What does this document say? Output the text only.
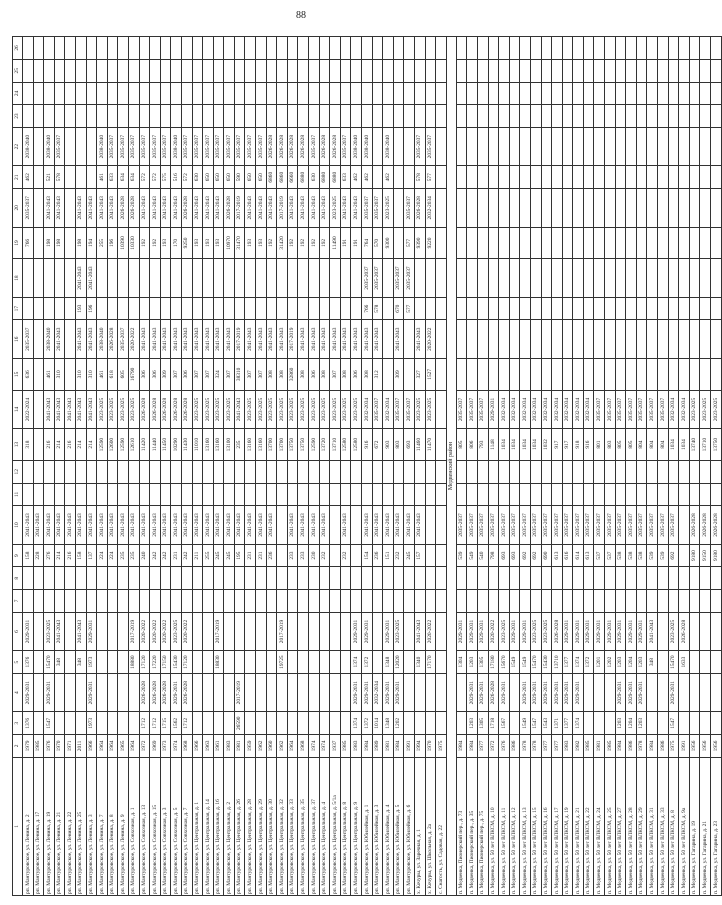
88
1	2	3	4	5	6	7	8	9	10	11	12	13	14	15	16	17	18	19	20	21	22	23	24	25	26
рп. Мантуровское, ул. Ленина, д. 2	1979	1376	2029-2031	1376	2029-2031			158	2041-2043			318	2022-2024	636	2035-2037			766	2035-2037	462	2038-2040				
рп. Мантуровское, ул. Ленина, д. 17	1985							228	2041-2043																
рп. Мантуровское, ул. Ленина, д. 19	1976	1547	2029-2031	15470	2023-2025			276	2041-2043			216	2041-2043	461	2038-2040			198	2041-2043	521	2038-2040				
рп. Мантуровское, ул. Ленина, д. 21	1970			348	2041-2043			214	2041-2043			214	2041-2043	310	2041-2043			198	2041-2043	578	2035-2037				
рп. Мантуровское, ул. Ленина, д. 22	1971							216	2041-2043			216	2041-2043												
рп. Мантуровское, ул. Ленина, д. 25	2011			348	2041-2043			158	2041-2043			214	2041-2043	310	2041-2043	193	2041-2043	198	2041-2043						
рп. Мантуровское, ул. Ленина, д. 3	1966	1973	2029-2031	1973	2029-2031			137	2041-2043			214	2041-2043	310	2041-2043	196	2041-2043	194	2041-2043						
рп. Мантуровское, ул. Ленина, д. 7	1964							224	2041-2043			12590	2023-2025	461	2038-2040			255	2041-2043	461	2038-2040				
рп. Мантуровское, ул. Ленина, д. 8	1964							224	2041-2043			12600	2023-2025	618	2026-2028			196	2041-2043	633	2035-2037				
рп. Мантуровское, ул. Ленина, д. 9	1965							235	2041-2043			12590	2023-2025	605	2035-2037			10390	2026-2028	634	2035-2037				
рп. Мантуровское, ул. Совхозная, д. 1	1964			18880	2017-2019			235	2041-2043			12610	2023-2025	16790	2020-2022			10330	2026-2028	634	2035-2037				
рп. Мантуровское, ул. Совхозная, д. 13	1972	1712	2026-2028	17120	2020-2022			240	2041-2043			11420	2026-2028	306	2041-2043			192	2041-2043	572	2035-2037				
рп. Мантуровское, ул. Совхозная, д. 15	1969	1712	2026-2028	17220	2020-2022			242	2041-2043			11440	2026-2028	306	2041-2043			192	2041-2043	572	2035-2037				
рп. Мантуровское, ул. Совхозная, д. 3	1973	1715	2026-2028	17150	2020-2022			242	2041-2043			11450	2026-2028	309	2041-2043			193	2041-2043	575	2035-2037				
рп. Мантуровское, ул. Совхозная, д. 5	1974	1562	2029-2031	15430	2023-2025			231	2041-2043			10290	2026-2028	307	2041-2043			170	2041-2043	516	2038-2040				
рп. Мантуровское, ул. Совхозная, д. 7	1968	1712	2026-2028	17120	2020-2022			242	2041-2043			11430	2026-2028	306	2041-2043			9250	2026-2028	572	2035-2037				
рп. Мантуровское, ул. Центральная, д. 1	1966							211	2041-2043			11010	2023-2025	307	2041-2043			193	2041-2043	630	2035-2037				
рп. Мантуровское, ул. Центральная, д. 14	1963							255	2041-2043			13160	2023-2025	307	2041-2043			193	2041-2043	650	2035-2037				
рп. Мантуровское, ул. Центральная, д. 16	1961			18830	2017-2019			245	2041-2043			13160	2023-2025	324	2041-2043			193	2041-2043	650	2035-2037				
рп. Мантуровское, ул. Центральная, д. 2	1983							245	2041-2043			13100	2023-2025	307	2041-2043			10970	2026-2028	650	2035-2037				
рп. Мантуровское, ул. Центральная, д. 26	1981	26590	2017-2019					195	2041-2043			235	2041-2043	38310	2017-2019			31470	2017-2019	590	2035-2037				
рп. Мантуровское, ул. Центральная, д. 28	1959							231	2041-2043			13160	2023-2025	307	2041-2043			193	2041-2043	650	2035-2037				
рп. Мантуровское, ул. Центральная, д. 29	1962							231	2041-2043			13160	2023-2025	307	2041-2043			193	2041-2043	650	2035-2037				
рп. Мантуровское, ул. Центральная, д. 30	1960							236	2041-2043			13700	2023-2025	308	2041-2043			192	2041-2043	6860	2026-2028				
рп. Мантуровское, ул. Центральная, д. 32	1962			19725	2017-2019							13700	2023-2025	308	2041-2043			31420	2017-2019	6860	2026-2028				
рп. Мантуровское, ул. Центральная, д. 33	1964							233	2041-2043			13750	2023-2025	32860	2017-2019			192	2041-2043	6660	2026-2028				
рп. Мантуровское, ул. Центральная, д. 35	1968							233	2041-2043			13750	2023-2025	308	2041-2043			192	2041-2043	6880	2026-2028				
рп. Мантуровское, ул. Центральная, д. 37	1974							230	2041-2043			12590	2023-2025	306	2041-2043			192	2041-2043	630	2035-2037				
рп. Мантуровское, ул. Центральная, д. 4	1974							232	2041-2043			13720	2023-2025	308	2041-2043			192	2041-2043	6880	2026-2028				
рп. Мантуровское, ул. Центральная, д. 5/1а	1937											13710	2023-2025	307	2041-2043			11490	2023-2025	6880	2026-2028				
рп. Мантуровское, ул. Центральная, д. 8	1985							232	2041-2043			12580	2023-2025	308	2041-2043			191	2041-2043	633	2035-2037				
рп. Мантуровское, ул. Центральная, д. 9	1983	1374	2029-2031	1374	2029-2031							12580	2023-2025	306	2041-2043			191	2041-2043	462	2038-2040				
рп. Мантуровское, ул. Юбилейная, д. 1	1984	1372	2029-2031	1372	2029-2031			154	2041-2043			916	2032-2034	308	2041-2043	766	2035-2037	764	2035-2037	462	2038-2040				
рп. Мантуровское, ул. Юбилейная, д. 3	1989	1014	2032-2034					236	2041-2043			672	2035-2037	312	2041-2043	578	2035-2037	570	2035-2037						
рп. Мантуровское, ул. Юбилейная, д. 4	1981	1348	2029-2031	1348	2029-2031			151	2041-2043			903	2032-2034					9300	2023-2025	462	2038-2040				
рп. Мантуровское, ул. Юбилейная, д. 5	1984	1202	2029-2031	12020	2023-2025			232	2041-2043			803	2035-2037	309	2041-2043	670	2035-2037								
рп. Мантуровское, ул. Юбилейная, д. 6	1991							245	2041-2043			693	2035-2037			577	2035-2037	577	2035-2037						
х. Кочуры, ул. Заречная, д. 1	1994			1340	2041-2043			157	2041-2043			11460	2023-2025	327	2041-2043			9390	2026-2028	578	2035-2037				
х. Кочуры, ул. Школьная, д. 2а	1970			17170	2020-2022							11470	2023-2025	1527	2020-2022			9220	2032-2034	577	2035-2037				
с. Снагость, ул. Садовая, д. 22	1975																								
Медвенский район																									
п. Медвенка, Пионерский пер., д. 73	1984			1304	2029-2031			539	2035-2037			805	2035-2037												
п. Медвенка, Пионерский пер., д. 35	1984	1203	2029-2031	1203	2029-2031			549	2035-2037			806	2035-2037												
п. Медвенка, Пионерский пер., д. 75	1977	1305	2029-2031	1305	2029-2031			540	2035-2037			793	2035-2037												
п. Медвенка, ул. 50 лет ВЛКСМ, д. 10	1972	1718	2026-2028	17180	2020-2022			798	2035-2037			1148	2029-2031												
п. Медвенка, ул. 50 лет ВЛКСМ, д. 11	1976	1567	2029-2031	15670	2023-2025			693	2035-2037			1034	2032-2034												
п. Медвенка, ул. 50 лет ВЛКСМ, д. 12	1986			1549	2029-2031			693	2035-2037			1034	2032-2034												
п. Медвенка, ул. 50 лет ВЛКСМ, д. 13	1978	1549	2029-2031	1549	2029-2031			692	2035-2037			1034	2032-2034												
п. Медвенка, ул. 50 лет ВЛКСМ, д. 15	1978	1547	2029-2031	15470	2023-2025			692	2035-2037			1034	2032-2034												
п. Медвенка, ул. 50 лет ВЛКСМ, д. 16	1977	1543	2029-2031	15430	2023-2025			690	2035-2037			1032	2032-2034												
п. Медвенка, ул. 50 лет ВЛКСМ, д. 17	1977	1371	2029-2031	13710	2026-2028			613	2035-2037			917	2032-2034												
п. Медвенка, ул. 50 лет ВЛКСМ, д. 19	1983	1377	2029-2031	1377	2029-2031			616	2035-2037			917	2032-2034												
п. Медвенка, ул. 50 лет ВЛКСМ, д. 21	1982	1374	2029-2031	1374	2029-2031			614	2035-2037			918	2032-2034												
п. Медвенка, ул. 50 лет ВЛКСМ, д. 22	1985			1372	2029-2031			613	2035-2037			916	2032-2034												
п. Медвенка, ул. 50 лет ВЛКСМ, д. 24	1981			1201	2029-2031			537	2035-2037			801	2035-2037												
п. Медвенка, ул. 50 лет ВЛКСМ, д. 25	1985			1202	2029-2031			537	2035-2037			803	2035-2037												
п. Медвенка, ул. 50 лет ВЛКСМ, д. 27	1984	1203	2029-2031	1203	2029-2031			538	2035-2037			805	2035-2037												
п. Медвенка, ул. 50 лет ВЛКСМ, д. 28	1986	1204	2029-2031	1204	2029-2031			538	2035-2037			805	2035-2037												
п. Медвенка, ул. 50 лет ВЛКСМ, д. 29	1978	1203	2029-2031	1203	2029-2031			538	2035-2037			804	2035-2037												
п. Медвенка, ул. 50 лет ВЛКСМ, д. 31	1984			348	2041-2043			539	2035-2037			804	2035-2037												
п. Медвенка, ул. 50 лет ВЛКСМ, д. 33	1986							539	2035-2037			804	2035-2037												
п. Медвенка, ул. 50 лет ВЛКСМ, д. 8	1975	1547	2029-2031	15470	2023-2025			692	2035-2037			1034	2032-2034												
п. Медвенка, ул. 50 лет ВЛКСМ, д. 9а	1991			1633	2026-2028							1034	2032-2034												
п. Медвенка, ул. Гагарина, д. 19	1956							9180	2026-2028			13740	2023-2025												
п. Медвенка, ул. Гагарина, д. 21	1956							9150	2026-2028			13710	2023-2025												
п. Медвенка, ул. Гагарина, д. 23	1956							9180	2026-2028			13750	2023-2025												
